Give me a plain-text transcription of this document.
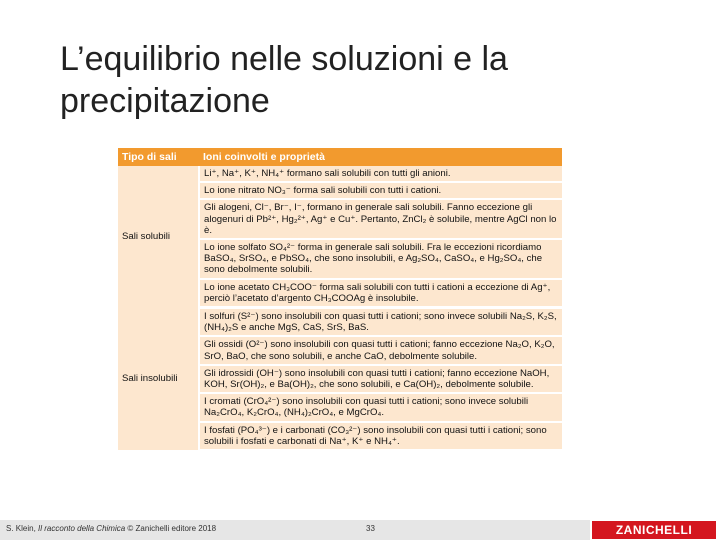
L’equilibrio nelle soluzioni e la precipitazione
Tipo di sali	Ioni coinvolti e proprietà
Sali solubili	Li⁺, Na⁺, K⁺, NH₄⁺ formano sali solubili con tutti gli anioni.
	Lo ione nitrato NO₃⁻ forma sali solubili con tutti i cationi.
	Gli alogeni, Cl⁻, Br⁻, I⁻, formano in generale sali solubili. Fanno eccezione gli alogenuri di Pb²⁺, Hg₂²⁺, Ag⁺ e Cu⁺. Pertanto, ZnCl₂ è solubile, mentre AgCl non lo è.
	Lo ione solfato SO₄²⁻ forma in generale sali solubili. Fra le eccezioni ricordiamo BaSO₄, SrSO₄, e PbSO₄, che sono insolubili, e Ag₂SO₄, CaSO₄, e Hg₂SO₄, che sono debolmente solubili.
	Lo ione acetato CH₃COO⁻ forma sali solubili con tutti i cationi a eccezione di Ag⁺, perciò l’acetato d’argento CH₃COOAg è insolubile.
Sali insolubili	I solfuri (S²⁻) sono insolubili con quasi tutti i cationi; sono invece solubili Na₂S, K₂S, (NH₄)₂S e anche MgS, CaS, SrS, BaS.
	Gli ossidi (O²⁻) sono insolubili con quasi tutti i cationi; fanno eccezione Na₂O, K₂O, SrO, BaO, che sono solubili, e anche CaO, debolmente solubile.
	Gli idrossidi (OH⁻) sono insolubili con quasi tutti i cationi; fanno eccezione NaOH, KOH, Sr(OH)₂, e Ba(OH)₂, che sono solubili, e Ca(OH)₂, debolmente solubile.
	I cromati (CrO₄²⁻) sono insolubili con quasi tutti i cationi; sono invece solubili Na₂CrO₄, K₂CrO₄, (NH₄)₂CrO₄, e MgCrO₄.
	I fosfati (PO₄³⁻) e i carbonati (CO₃²⁻) sono insolubili con quasi tutti i cationi; sono solubili i fosfati e carbonati di Na⁺, K⁺ e NH₄⁺.
S. Klein, Il racconto della Chimica © Zanichelli editore 2018	33	ZANICHELLI
